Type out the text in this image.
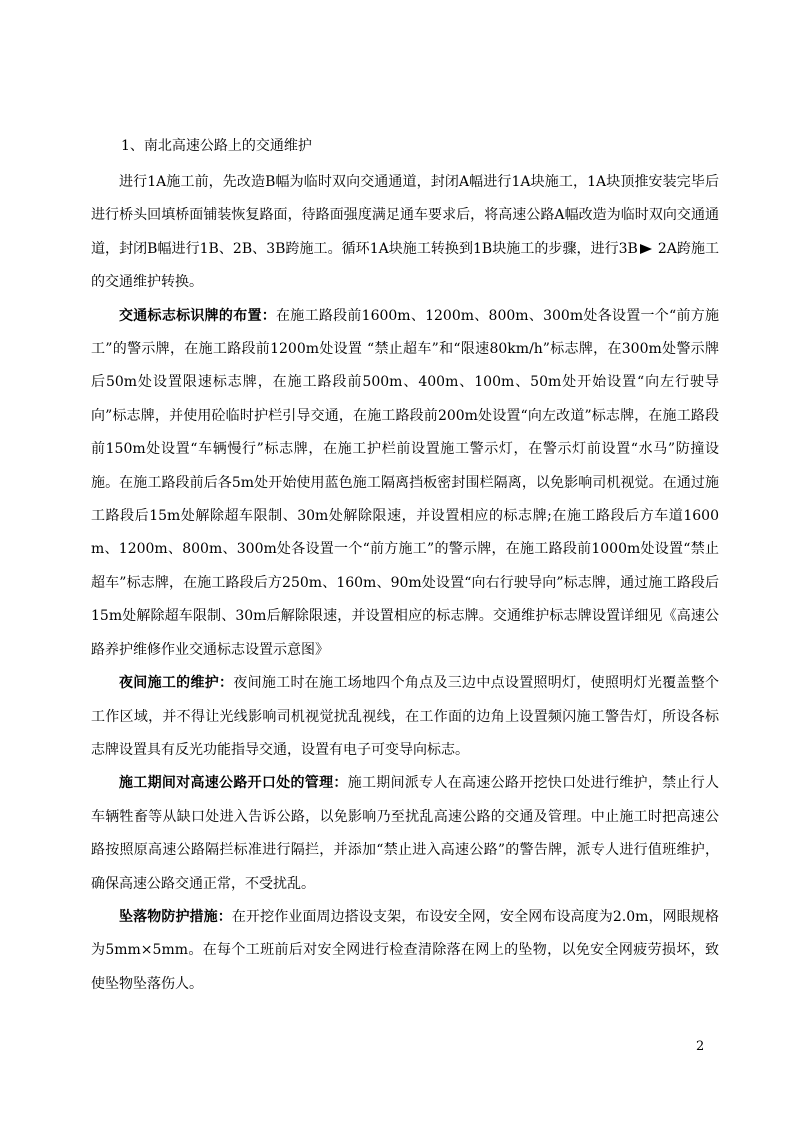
1、南北高速公路上的交通维护

进行1A施工前，先改造B幅为临时双向交通通道，封闭A幅进行1A块施工，1A块顶推安装完毕后进行桥头回填桥面铺装恢复路面，待路面强度满足通车要求后，将高速公路A幅改造为临时双向交通通道，封闭B幅进行1B、2B、3B跨施工。循环1A块施工转换到1B块施工的步骤，进行3B 2A跨施工的交通维护转换。

交通标志标识牌的布置：在施工路段前1600m、1200m、800m、300m处各设置一个“前方施工”的警示牌，在施工路段前1200m处设置 “禁止超车”和“限速80km/h”标志牌，在300m处警示牌后50m处设置限速标志牌，在施工路段前500m、400m、100m、50m处开始设置“向左行驶导向”标志牌，并使用砼临时护栏引导交通，在施工路段前200m处设置“向左改道”标志牌，在施工路段前150m处设置“车辆慢行”标志牌，在施工护栏前设置施工警示灯，在警示灯前设置“水马”防撞设施。在施工路段前后各5m处开始使用蓝色施工隔离挡板密封围栏隔离，以免影响司机视觉。在通过施工路段后15m处解除超车限制、30m处解除限速，并设置相应的标志牌;在施工路段后方车道1600m、1200m、800m、300m处各设置一个“前方施工”的警示牌，在施工路段前1000m处设置“禁止超车”标志牌，在施工路段后方250m、160m、90m处设置“向右行驶导向”标志牌，通过施工路段后15m处解除超车限制、30m后解除限速，并设置相应的标志牌。交通维护标志牌设置详细见《高速公路养护维修作业交通标志设置示意图》

夜间施工的维护：夜间施工时在施工场地四个角点及三边中点设置照明灯，使照明灯光覆盖整个工作区域，并不得让光线影响司机视觉扰乱视线，在工作面的边角上设置频闪施工警告灯，所设各标志牌设置具有反光功能指导交通，设置有电子可变导向标志。

施工期间对高速公路开口处的管理：施工期间派专人在高速公路开挖快口处进行维护，禁止行人车辆牲畜等从缺口处进入告诉公路，以免影响乃至扰乱高速公路的交通及管理。中止施工时把高速公路按照原高速公路隔拦标准进行隔拦，并添加“禁止进入高速公路”的警告牌，派专人进行值班维护，确保高速公路交通正常，不受扰乱。

坠落物防护措施：在开挖作业面周边搭设支架，布设安全网，安全网布设高度为2.0m，网眼规格为5mm×5mm。在每个工班前后对安全网进行检查清除落在网上的坠物，以免安全网疲劳损坏，致使坠物坠落伤人。

2
